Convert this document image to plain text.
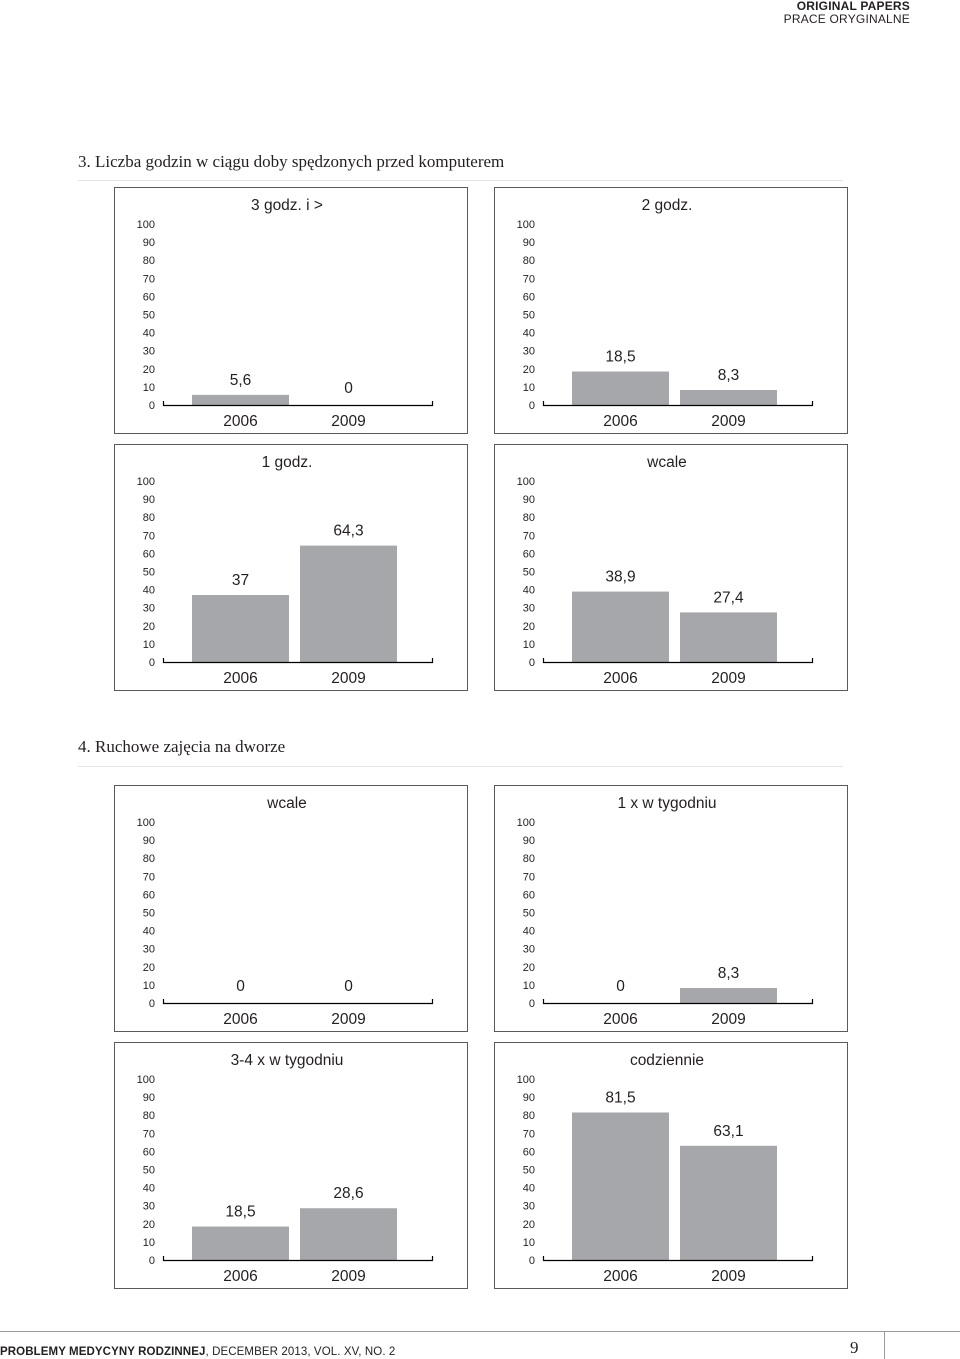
ORIGINAL PAPERS
PRACE ORYGINALNE
3. Liczba godzin w ciągu doby spędzonych przed komputerem
0
10
20
30
40
50
60
70
80
90
100
3 godz. i >
5,6
2006
0
2009
0
10
20
30
40
50
60
70
80
90
100
2 godz.
18,5
2006
8,3
2009
0
10
20
30
40
50
60
70
80
90
100
1 godz.
37
2006
64,3
2009
0
10
20
30
40
50
60
70
80
90
100
wcale
38,9
2006
27,4
2009
4. Ruchowe zajęcia na dworze
0
10
20
30
40
50
60
70
80
90
100
wcale
0
2006
0
2009
0
10
20
30
40
50
60
70
80
90
100
1 x w tygodniu
0
2006
8,3
2009
0
10
20
30
40
50
60
70
80
90
100
3-4 x w tygodniu
18,5
2006
28,6
2009
0
10
20
30
40
50
60
70
80
90
100
codziennie
81,5
2006
63,1
2009
PROBLEMY MEDYCYNY RODZINNEJ, DECEMBER 2013, VOL. XV, NO. 2	9
